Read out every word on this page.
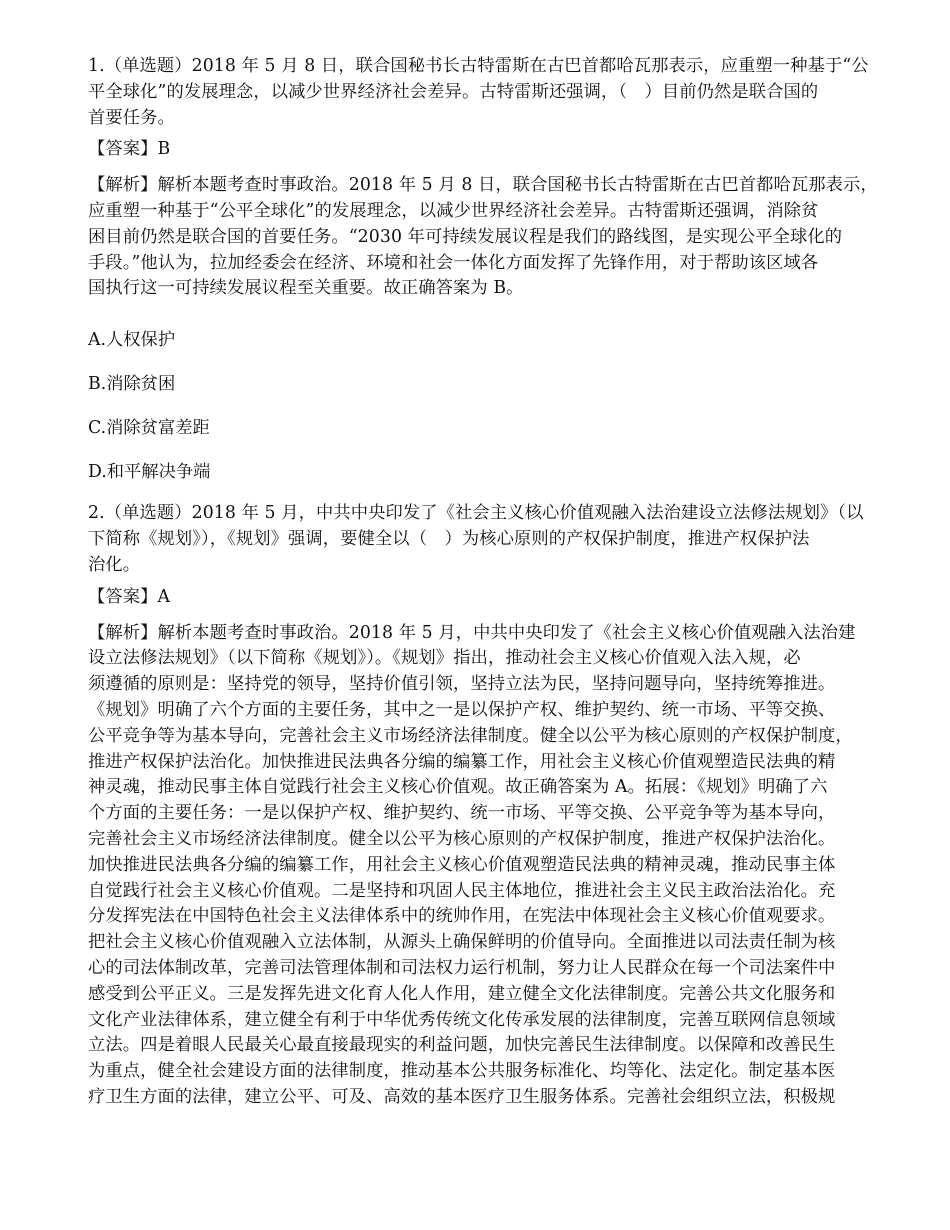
1.（单选题）2018 年 5 月 8 日，联合国秘书长古特雷斯在古巴首都哈瓦那表示，应重塑一种基于“公
平全球化”的发展理念，以减少世界经济社会差异。古特雷斯还强调，（　）目前仍然是联合国的
首要任务。

【答案】B

【解析】解析本题考查时事政治。2018 年 5 月 8 日，联合国秘书长古特雷斯在古巴首都哈瓦那表示，
应重塑一种基于“公平全球化”的发展理念，以减少世界经济社会差异。古特雷斯还强调，消除贫
困目前仍然是联合国的首要任务。“2030 年可持续发展议程是我们的路线图，是实现公平全球化的
手段。”他认为，拉加经委会在经济、环境和社会一体化方面发挥了先锋作用，对于帮助该区域各
国执行这一可持续发展议程至关重要。故正确答案为 B。

A.人权保护

B.消除贫困

C.消除贫富差距

D.和平解决争端

2.（单选题）2018 年 5 月，中共中央印发了《社会主义核心价值观融入法治建设立法修法规划》（以
下简称《规划》），《规划》强调，要健全以（　）为核心原则的产权保护制度，推进产权保护法
治化。

【答案】A

【解析】解析本题考查时事政治。2018 年 5 月，中共中央印发了《社会主义核心价值观融入法治建
设立法修法规划》（以下简称《规划》）。《规划》指出，推动社会主义核心价值观入法入规，必
须遵循的原则是：坚持党的领导，坚持价值引领，坚持立法为民，坚持问题导向，坚持统筹推进。
《规划》明确了六个方面的主要任务，其中之一是以保护产权、维护契约、统一市场、平等交换、
公平竞争等为基本导向，完善社会主义市场经济法律制度。健全以公平为核心原则的产权保护制度，
推进产权保护法治化。加快推进民法典各分编的编纂工作，用社会主义核心价值观塑造民法典的精
神灵魂，推动民事主体自觉践行社会主义核心价值观。故正确答案为 A。拓展：《规划》明确了六
个方面的主要任务：一是以保护产权、维护契约、统一市场、平等交换、公平竞争等为基本导向，
完善社会主义市场经济法律制度。健全以公平为核心原则的产权保护制度，推进产权保护法治化。
加快推进民法典各分编的编纂工作，用社会主义核心价值观塑造民法典的精神灵魂，推动民事主体
自觉践行社会主义核心价值观。二是坚持和巩固人民主体地位，推进社会主义民主政治法治化。充
分发挥宪法在中国特色社会主义法律体系中的统帅作用，在宪法中体现社会主义核心价值观要求。
把社会主义核心价值观融入立法体制，从源头上确保鲜明的价值导向。全面推进以司法责任制为核
心的司法体制改革，完善司法管理体制和司法权力运行机制，努力让人民群众在每一个司法案件中
感受到公平正义。三是发挥先进文化育人化人作用，建立健全文化法律制度。完善公共文化服务和
文化产业法律体系，建立健全有利于中华优秀传统文化传承发展的法律制度，完善互联网信息领域
立法。四是着眼人民最关心最直接最现实的利益问题，加快完善民生法律制度。以保障和改善民生
为重点，健全社会建设方面的法律制度，推动基本公共服务标准化、均等化、法定化。制定基本医
疗卫生方面的法律，建立公平、可及、高效的基本医疗卫生服务体系。完善社会组织立法，积极规
